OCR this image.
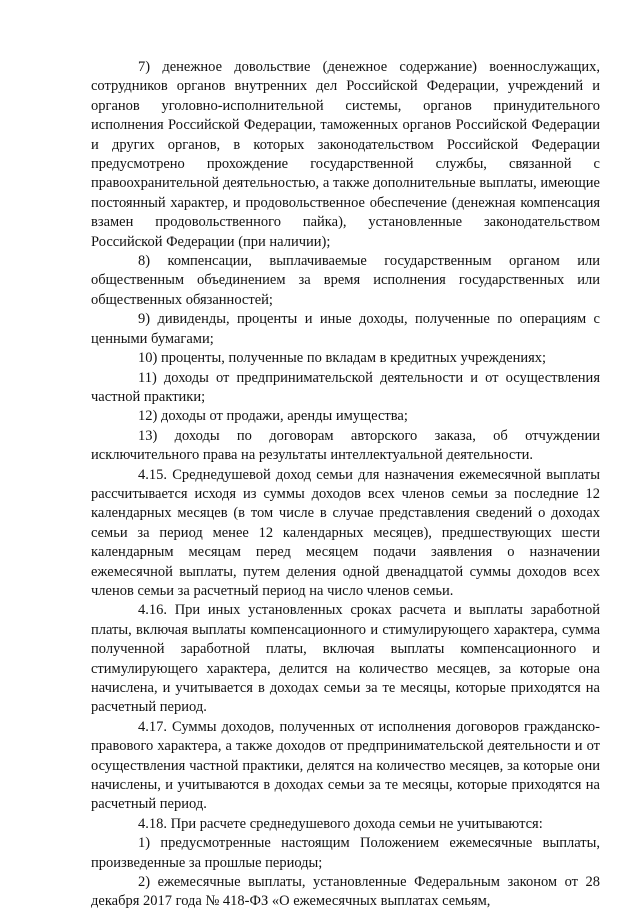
7) денежное довольствие (денежное содержание) военнослужащих, сотрудников органов внутренних дел Российской Федерации, учреждений и органов уголовно-исполнительной системы, органов принудительного исполнения Российской Федерации, таможенных органов Российской Федерации и других органов, в которых законодательством Российской Федерации предусмотрено прохождение государственной службы, связанной с правоохранительной деятельностью, а также дополнительные выплаты, имеющие постоянный характер, и продовольственное обеспечение (денежная компенсация взамен продовольственного пайка), установленные законодательством Российской Федерации (при наличии);

8) компенсации, выплачиваемые государственным органом или общественным объединением за время исполнения государственных или общественных обязанностей;

9) дивиденды, проценты и иные доходы, полученные по операциям с ценными бумагами;

10) проценты, полученные по вкладам в кредитных учреждениях;

11) доходы от предпринимательской деятельности и от осуществления частной практики;

12) доходы от продажи, аренды имущества;

13) доходы по договорам авторского заказа, об отчуждении исключительного права на результаты интеллектуальной деятельности.

4.15. Среднедушевой доход семьи для назначения ежемесячной выплаты рассчитывается исходя из суммы доходов всех членов семьи за последние 12 календарных месяцев (в том числе в случае представления сведений о доходах семьи за период менее 12 календарных месяцев), предшествующих шести календарным месяцам перед месяцем подачи заявления о назначении ежемесячной выплаты, путем деления одной двенадцатой суммы доходов всех членов семьи за расчетный период на число членов семьи.

4.16. При иных установленных сроках расчета и выплаты заработной платы, включая выплаты компенсационного и стимулирующего характера, сумма полученной заработной платы, включая выплаты компенсационного и стимулирующего характера, делится на количество месяцев, за которые она начислена, и учитывается в доходах семьи за те месяцы, которые приходятся на расчетный период.

4.17. Суммы доходов, полученных от исполнения договоров гражданско-правового характера, а также доходов от предпринимательской деятельности и от осуществления частной практики, делятся на количество месяцев, за которые они начислены, и учитываются в доходах семьи за те месяцы, которые приходятся на расчетный период.

4.18. При расчете среднедушевого дохода семьи не учитываются:

1) предусмотренные настоящим Положением ежемесячные выплаты, произведенные за прошлые периоды;

2) ежемесячные выплаты, установленные Федеральным законом от 28 декабря 2017 года № 418-ФЗ «О ежемесячных выплатах семьям,
